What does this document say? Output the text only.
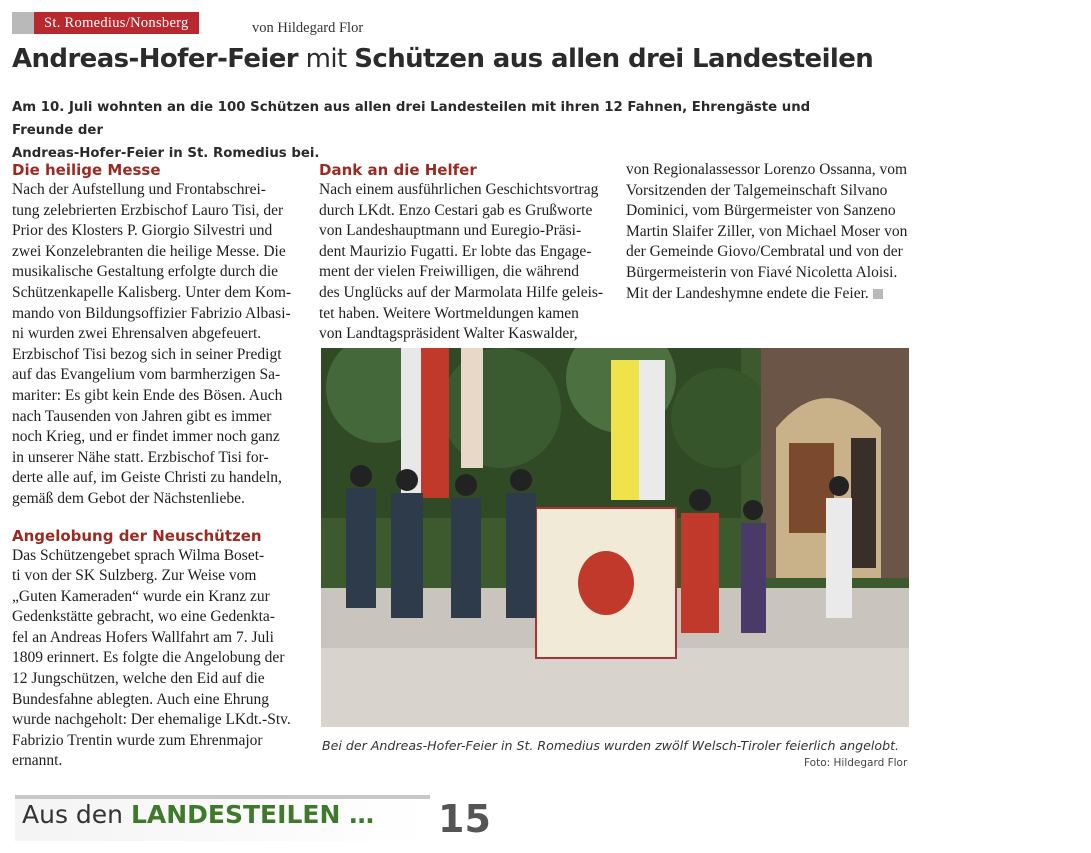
St. Romedius/Nonsberg	von Hildegard Flor
Andreas-Hofer-Feier mit Schützen aus allen drei Landesteilen
Am 10. Juli wohnten an die 100 Schützen aus allen drei Landesteilen mit ihren 12 Fahnen, Ehrengäste und Freunde der
Andreas-Hofer-Feier in St. Romedius bei.
Die heilige Messe
Nach der Aufstellung und Frontabschrei-
tung zelebrierten Erzbischof Lauro Tisi, der
Prior des Klosters P. Giorgio Silvestri und
zwei Konzelebranten die heilige Messe. Die
musikalische Gestaltung erfolgte durch die
Schützenkapelle Kalisberg. Unter dem Kom-
mando von Bildungsoffizier Fabrizio Albasi-
ni wurden zwei Ehrensalven abgefeuert.
Erzbischof Tisi bezog sich in seiner Predigt
auf das Evangelium vom barmherzigen Sa-
mariter: Es gibt kein Ende des Bösen. Auch
nach Tausenden von Jahren gibt es immer
noch Krieg, und er findet immer noch ganz
in unserer Nähe statt. Erzbischof Tisi for-
derte alle auf, im Geiste Christi zu handeln,
gemäß dem Gebot der Nächstenliebe.
Angelobung der Neuschützen
Das Schützengebet sprach Wilma Boset-
ti von der SK Sulzberg. Zur Weise vom
„Guten Kameraden“ wurde ein Kranz zur
Gedenkstätte gebracht, wo eine Gedenkta-
fel an Andreas Hofers Wallfahrt am 7. Juli
1809 erinnert. Es folgte die Angelobung der
12 Jungschützen, welche den Eid auf die
Bundesfahne ablegten. Auch eine Ehrung
wurde nachgeholt: Der ehemalige LKdt.-Stv.
Fabrizio Trentin wurde zum Ehrenmajor
ernannt.
Dank an die Helfer
Nach einem ausführlichen Geschichtsvortrag
durch LKdt. Enzo Cestari gab es Grußworte
von Landeshauptmann und Euregio-Präsi-
dent Maurizio Fugatti. Er lobte das Engage-
ment der vielen Freiwilligen, die während
des Unglücks auf der Marmolata Hilfe geleis-
tet haben. Weitere Wortmeldungen kamen
von Landtagspräsident Walter Kaswalder,
von Regionalassessor Lorenzo Ossanna, vom
Vorsitzenden der Talgemeinschaft Silvano
Dominici, vom Bürgermeister von Sanzeno
Martin Slaifer Ziller, von Michael Moser von
der Gemeinde Giovo/Cembratal und von der
Bürgermeisterin von Fiavé Nicoletta Aloisi.
Mit der Landeshymne endete die Feier.
Bei der Andreas-Hofer-Feier in St. Romedius wurden zwölf Welsch-Tiroler feierlich angelobt.
Foto: Hildegard Flor
Aus den LANDESTEILEN … 15
